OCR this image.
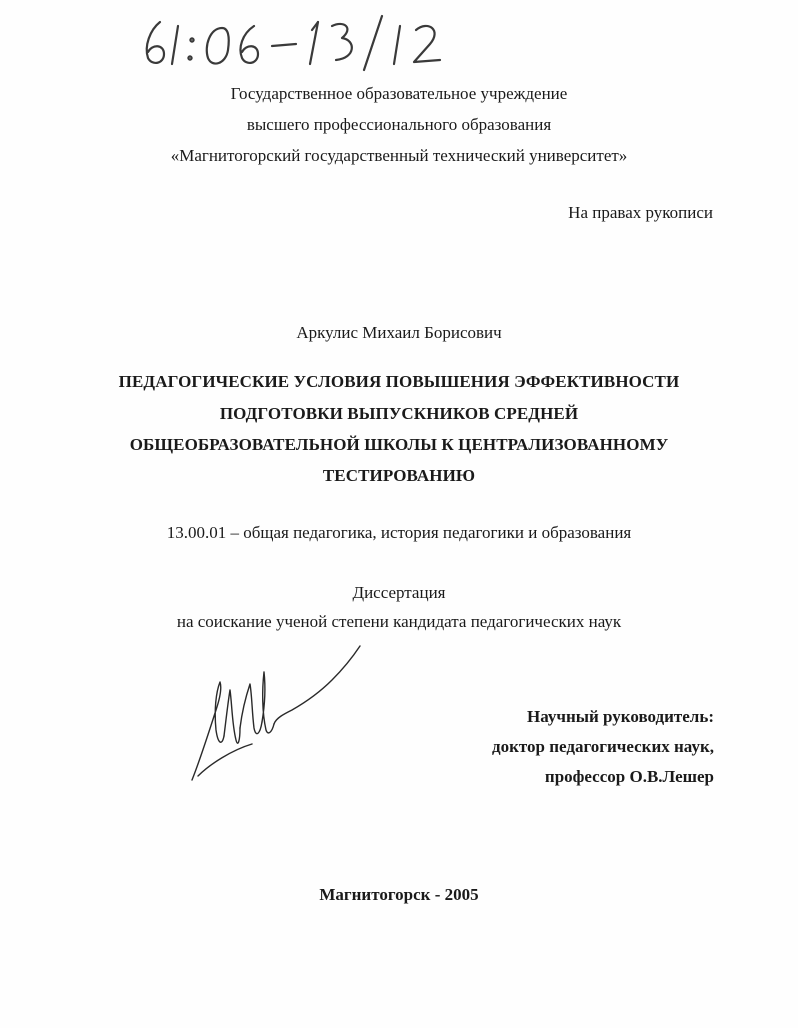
Государственное образовательное учреждение
высшего профессионального образования
«Магнитогорский государственный технический университет»
На правах рукописи
Аркулис Михаил Борисович
ПЕДАГОГИЧЕСКИЕ УСЛОВИЯ ПОВЫШЕНИЯ ЭФФЕКТИВНОСТИ
ПОДГОТОВКИ ВЫПУСКНИКОВ СРЕДНЕЙ
ОБЩЕОБРАЗОВАТЕЛЬНОЙ ШКОЛЫ К ЦЕНТРАЛИЗОВАННОМУ
ТЕСТИРОВАНИЮ
13.00.01 – общая педагогика, история педагогики и образования
Диссертация
на соискание ученой степени кандидата педагогических наук
Научный руководитель:
доктор педагогических наук,
профессор О.В.Лешер
Магнитогорск - 2005
